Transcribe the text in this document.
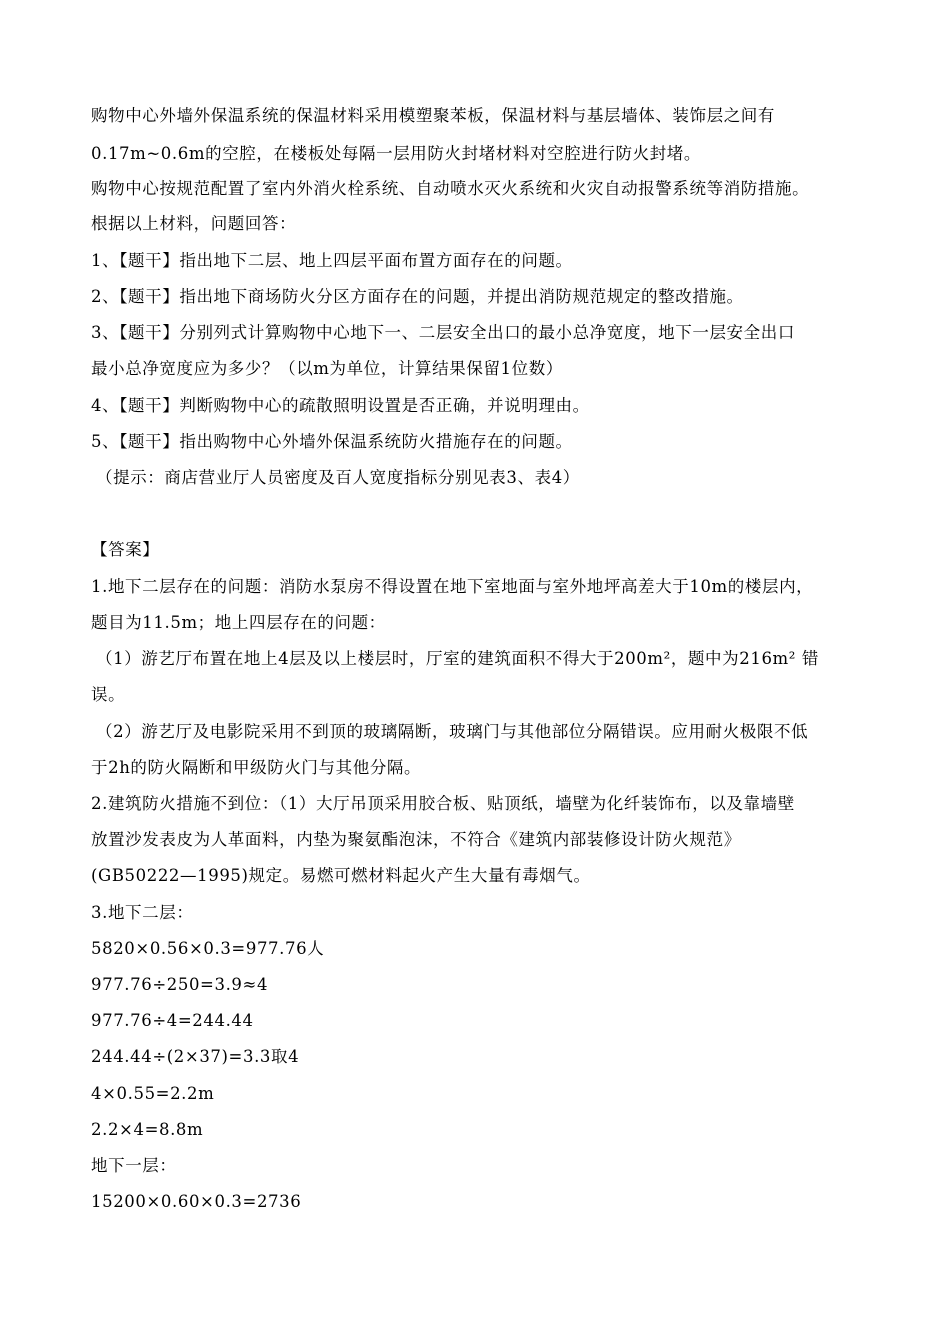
购物中心外墙外保温系统的保温材料采用模塑聚苯板，保温材料与基层墙体、装饰层之间有
0.17m~0.6m的空腔，在楼板处每隔一层用防火封堵材料对空腔进行防火封堵。
购物中心按规范配置了室内外消火栓系统、自动喷水灭火系统和火灾自动报警系统等消防措施。
根据以上材料，问题回答：
1、【题干】指出地下二层、地上四层平面布置方面存在的问题。
2、【题干】指出地下商场防火分区方面存在的问题，并提出消防规范规定的整改措施。
3、【题干】分别列式计算购物中心地下一、二层安全出口的最小总净宽度，地下一层安全出口
最小总净宽度应为多少？（以m为单位，计算结果保留1位数）
4、【题干】判断购物中心的疏散照明设置是否正确，并说明理由。
5、【题干】指出购物中心外墙外保温系统防火措施存在的问题。
（提示：商店营业厅人员密度及百人宽度指标分别见表3、表4）
【答案】
1.地下二层存在的问题：消防水泵房不得设置在地下室地面与室外地坪高差大于10m的楼层内，
题目为11.5m；地上四层存在的问题：
（1）游艺厅布置在地上4层及以上楼层时，厅室的建筑面积不得大于200m²，题中为216m² 错
误。
（2）游艺厅及电影院采用不到顶的玻璃隔断，玻璃门与其他部位分隔错误。应用耐火极限不低
于2h的防火隔断和甲级防火门与其他分隔。
2.建筑防火措施不到位：（1）大厅吊顶采用胶合板、贴顶纸，墙壁为化纤装饰布，以及靠墙壁
放置沙发表皮为人革面料，内垫为聚氨酯泡沫，不符合《建筑内部装修设计防火规范》
(GB50222—1995)规定。易燃可燃材料起火产生大量有毒烟气。
3.地下二层：
5820×0.56×0.3=977.76人
977.76÷250=3.9≈4
977.76÷4=244.44
244.44÷(2×37)=3.3取4
4×0.55=2.2m
2.2×4=8.8m
地下一层：
15200×0.60×0.3=2736
